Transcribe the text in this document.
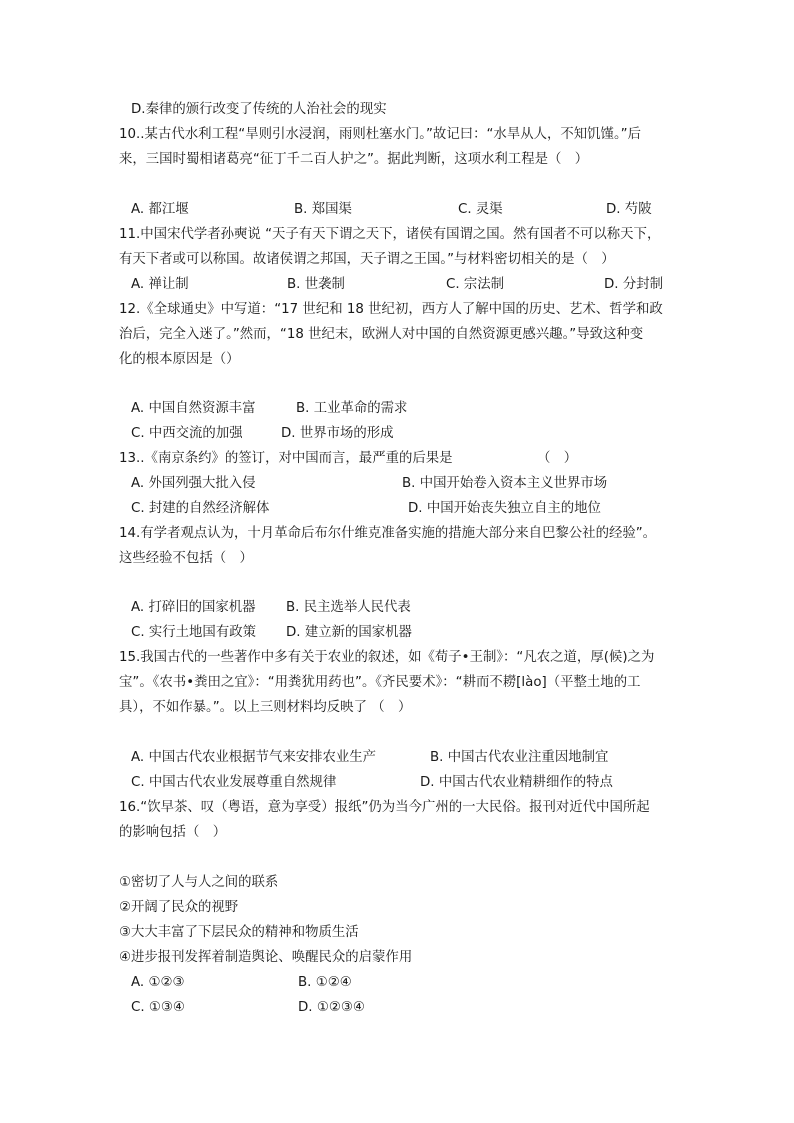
D.秦律的颁行改变了传统的人治社会的现实
10..某古代水利工程“旱则引水浸润，雨则杜塞水门。”故记曰：“水旱从人，不知饥馑。”后
来，三国时蜀相诸葛亮“征丁千二百人护之”。据此判断，这项水利工程是（　）
A. 都江堰	B. 郑国渠	C. 灵渠	D. 芍陂
11.中国宋代学者孙奭说 “天子有天下谓之天下，诸侯有国谓之国。然有国者不可以称天下，
有天下者或可以称国。故诸侯谓之邦国，天子谓之王国。”与材料密切相关的是（　）
A. 禅让制	B. 世袭制	C. 宗法制	D. 分封制
12.《全球通史》中写道：“17 世纪和 18 世纪初，西方人了解中国的历史、艺术、哲学和政
治后，完全入迷了。”然而，“18 世纪末，欧洲人对中国的自然资源更感兴趣。”导致这种变
化的根本原因是（）
A. 中国自然资源丰富	B. 工业革命的需求
C. 中西交流的加强	D. 世界市场的形成
13..《南京条约》的签订，对中国而言，最严重的后果是	（　）
A. 外国列强大批入侵	B. 中国开始卷入资本主义世界市场
C. 封建的自然经济解体	D. 中国开始丧失独立自主的地位
14.有学者观点认为，十月革命后布尔什维克准备实施的措施大部分来自巴黎公社的经验”。
这些经验不包括（　）
A. 打碎旧的国家机器 B. 民主选举人民代表
C. 实行土地国有政策 D. 建立新的国家机器
15.我国古代的一些著作中多有关于农业的叙述，如《荀子•王制》：“凡农之道，厚(候)之为
宝”。《农书•粪田之宜》：“用粪犹用药也”。《齐民要术》：“耕而不耮[lào]（平整土地的工
具），不如作暴。”。以上三则材料均反映了 （　）
A. 中国古代农业根据节气来安排农业生产	B. 中国古代农业注重因地制宜
C. 中国古代农业发展尊重自然规律	D. 中国古代农业精耕细作的特点
16.“饮早茶、叹（粤语，意为享受）报纸”仍为当今广州的一大民俗。报刊对近代中国所起
的影响包括（　）
①密切了人与人之间的联系
②开阔了民众的视野
③大大丰富了下层民众的精神和物质生活
④进步报刊发挥着制造舆论、唤醒民众的启蒙作用
A. ①②③	B. ①②④
C. ①③④	D. ①②③④
